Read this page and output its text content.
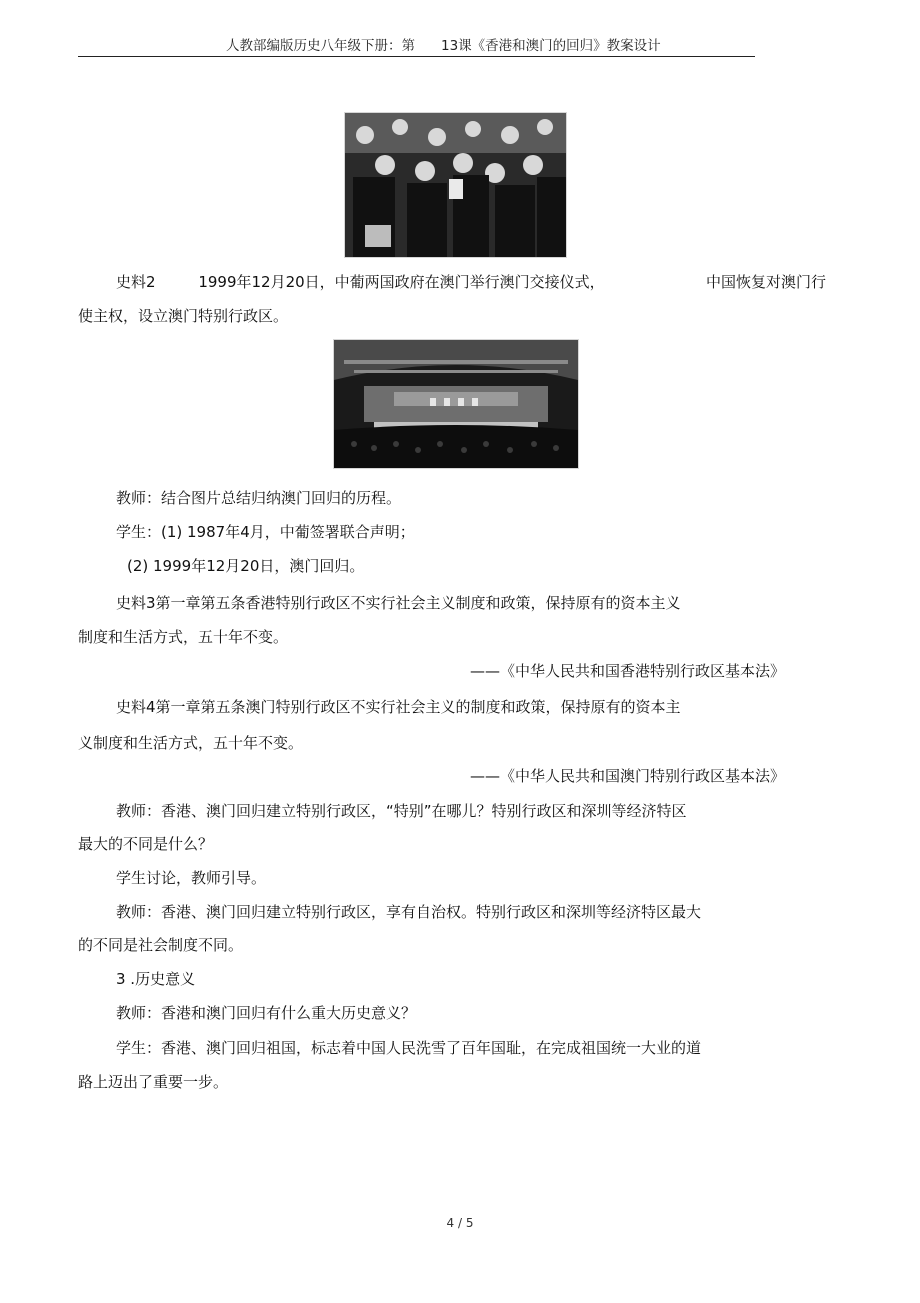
人教部编版历史八年级下册：第 13课《香港和澳门的回归》教案设计
史料2	1999年12月20日，中葡两国政府在澳门举行澳门交接仪式，	中国恢复对澳门行
使主权，设立澳门特别行政区。
教师：结合图片总结归纳澳门回归的历程。
学生：(1) 1987年4月，中葡签署联合声明；
(2) 1999年12月20日，澳门回归。
史料3第一章第五条香港特别行政区不实行社会主义制度和政策，保持原有的资本主义
制度和生活方式，五十年不变。
——《中华人民共和国香港特别行政区基本法》
史料4第一章第五条澳门特别行政区不实行社会主义的制度和政策，保持原有的资本主
义制度和生活方式，五十年不变。
——《中华人民共和国澳门特别行政区基本法》
教师：香港、澳门回归建立特别行政区，“特别”在哪儿？特别行政区和深圳等经济特区
最大的不同是什么？
学生讨论，教师引导。
教师：香港、澳门回归建立特别行政区，享有自治权。特别行政区和深圳等经济特区最大
的不同是社会制度不同。
3 .历史意义
教师：香港和澳门回归有什么重大历史意义？
学生：香港、澳门回归祖国，标志着中国人民洗雪了百年国耻，在完成祖国统一大业的道
路上迈出了重要一步。
4 / 5
